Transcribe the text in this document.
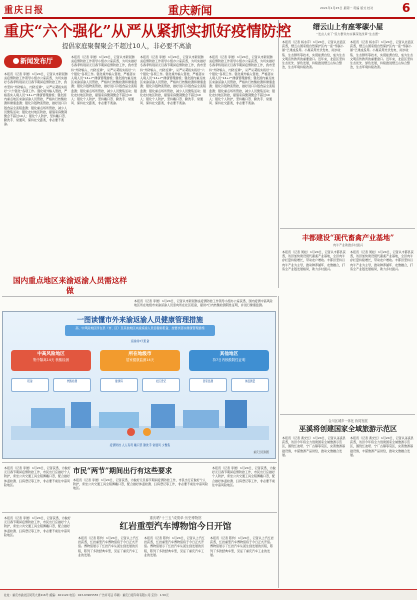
重庆日报	重庆新闻	2021年1月25日 星期一 责编 版式 校对 6
重庆“六个强化”从严从紧抓实抓好疫情防控
提倡家庭聚餐聚会不超过10人，非必要不离渝
新闻发布厅
本报讯（记者 李晟）1月24日，记者从市新冠肺炎疫情防控工作领导小组办公室获悉，为切实做好冬春季特别是元旦春节期间疫情防控工作，我市坚持“外防输入、内防反弹”，从严从紧抓实抓好“六个强化”各项工作。强化境外输入管控，严格落实入境人员“14+7”健康管理措施；强化国内重点地区来渝返渝人员管控，严格执行核酸检测和健康监测；强化冷链物流管控，做好进口冷链食品全流程监测；强化重点场所管控，减少人员聚集活动；强化农村地区防控，提倡家庭聚餐聚会不超过10人；强化个人防护，坚持戴口罩、勤洗手、常通风、保持社交距离，非必要不离渝。
本报讯（记者 李晟）1月24日，记者从市新冠肺炎疫情防控工作领导小组办公室获悉，为切实做好冬春季特别是元旦春节期间疫情防控工作，我市坚持“外防输入、内防反弹”，从严从紧抓实抓好“六个强化”各项工作。强化境外输入管控，严格落实入境人员“14+7”健康管理措施；强化国内重点地区来渝返渝人员管控，严格执行核酸检测和健康监测；强化冷链物流管控，做好进口冷链食品全流程监测；强化重点场所管控，减少人员聚集活动；强化农村地区防控，提倡家庭聚餐聚会不超过10人；强化个人防护，坚持戴口罩、勤洗手、常通风、保持社交距离，非必要不离渝。
本报讯（记者 李晟）1月24日，记者从市新冠肺炎疫情防控工作领导小组办公室获悉，为切实做好冬春季特别是元旦春节期间疫情防控工作，我市坚持“外防输入、内防反弹”，从严从紧抓实抓好“六个强化”各项工作。强化境外输入管控，严格落实入境人员“14+7”健康管理措施；强化国内重点地区来渝返渝人员管控，严格执行核酸检测和健康监测；强化冷链物流管控，做好进口冷链食品全流程监测；强化重点场所管控，减少人员聚集活动；强化农村地区防控，提倡家庭聚餐聚会不超过10人；强化个人防护，坚持戴口罩、勤洗手、常通风、保持社交距离，非必要不离渝。
本报讯（记者 李晟）1月24日，记者从市新冠肺炎疫情防控工作领导小组办公室获悉，为切实做好冬春季特别是元旦春节期间疫情防控工作，我市坚持“外防输入、内防反弹”，从严从紧抓实抓好“六个强化”各项工作。强化境外输入管控，严格落实入境人员“14+7”健康管理措施；强化国内重点地区来渝返渝人员管控，严格执行核酸检测和健康监测；强化冷链物流管控，做好进口冷链食品全流程监测；强化重点场所管控，减少人员聚集活动；强化农村地区防控，提倡家庭聚餐聚会不超过10人；强化个人防护，坚持戴口罩、勤洗手、常通风、保持社交距离，非必要不离渝。
本报讯（记者 李晟）1月24日，记者从市新冠肺炎疫情防控工作领导小组办公室获悉，国内疫情中高风险地区所在地级市来渝返渝人员需向所在社区报备，提供7日内核酸检测阴性证明，并进行健康监测。
一图读懂市外来渝返渝人员健康管理措施
高、中风险地区所在县（市、区）及其他地区来渝返渝人员需提前报备，按要求落实健康管理措施
返渝前3天报备
中高风险地区
集中隔离14天 核酸检测
所在地级市
居家健康监测14天
其他地区
持7日内核酸阴性证明
报备	核酸检测	健康码	社区登记	居家监测	体温测量
疫情防控 人人有责 戴口罩 勤洗手 常通风 少聚集
重庆日报制图
国内重点地区来渝返渝人员需这样做
本报讯（记者 李晟）1月24日，记者获悉，为做好元旦春节期间疫情防控工作，市民出行应做好个人防护，乘坐公共交通工具全程佩戴口罩，配合做好体温检测、扫码登记等工作，非必要不前往中高风险地区。
市民“两节”期间出行有这些要求
本报讯（记者 李晟）1月24日，记者获悉，为做好元旦春节期间疫情防控工作，市民出行应做好个人防护，乘坐公共交通工具全程佩戴口罩，配合做好体温检测、扫码登记等工作，非必要不前往中高风险地区。
本报讯（记者 李晟）1月24日，记者获悉，为做好元旦春节期间疫情防控工作，市民出行应做好个人防护，乘坐公共交通工具全程佩戴口罩，配合做好体温检测、扫码登记等工作，非必要不前往中高风险地区。
本报讯（记者 李晟）1月24日，记者获悉，为做好元旦春节期间疫情防控工作，市民出行应做好个人防护，乘坐公共交通工具全程佩戴口罩，配合做好体温检测、扫码登记等工作，非必要不前往中高风险地区。
重庆晒“十三五”成绩单·历史博物馆
红岩重型汽车博物馆今日开馆
本报讯（记者 陈钧）1月24日，记者从上汽红岩获悉，红岩重型汽车博物馆将于今日正式开馆。博物馆展示了红岩汽车从诞生到发展的历程，陈列了多款经典车型，见证了重庆汽车工业的发展。
本报讯（记者 陈钧）1月24日，记者从上汽红岩获悉，红岩重型汽车博物馆将于今日正式开馆。博物馆展示了红岩汽车从诞生到发展的历程，陈列了多款经典车型，见证了重庆汽车工业的发展。
本报讯（记者 陈钧）1月24日，记者从上汽红岩获悉，红岩重型汽车博物馆将于今日正式开馆。博物馆展示了红岩汽车从诞生到发展的历程，陈列了多款经典车型，见证了重庆汽车工业的发展。
缙云山上有座零碳小屋
“发言人来了”民力群众办实事深化改革“生态惠”
本报讯（记者 杨永芹）1月24日，记者从北碚区获悉，缙云山国家级自然保护区内一座“零碳小屋”已建成投用。小屋采用光伏发电、雨水收集、生态厕所等技术，实现能源自给，成为生态文明宣传教育的重要窗口。近年来，北碚区坚持生态优先、绿色发展，持续推进缙云山综合整治，生态环境持续改善。
本报讯（记者 杨永芹）1月24日，记者从北碚区获悉，缙云山国家级自然保护区内一座“零碳小屋”已建成投用。小屋采用光伏发电、雨水收集、生态厕所等技术，实现能源自给，成为生态文明宣传教育的重要窗口。近年来，北碚区坚持生态优先、绿色发展，持续推进缙云山综合整治，生态环境持续改善。
丰都建设“现代畜禽产业基地”
肉牛产业助推乡村振兴
本报讯（记者 周松）1月24日，记者从丰都县获悉，该县加快建设现代畜禽产业基地，全县肉牛存栏量持续增长，带动农户增收。丰都县坚持以肉牛产业为主导，推动种养循环、农旅融合，打造全产业链发展格局，助力乡村振兴。
本报讯（记者 周松）1月24日，记者从丰都县获悉，该县加快建设现代畜禽产业基地，全县肉牛存栏量持续增长，带动农户增收。丰都县坚持以肉牛产业为主导，推动种养循环、农旅融合，打造全产业链发展格局，助力乡村振兴。
合川区城乡一体化 协同发展
巫溪将创建国家全域旅游示范区
本报讯（记者 黄光红）1月24日，记者从巫溪县获悉，该县今年将全力创建国家全域旅游示范区，围绕红池坝、宁厂古镇等景区，完善旅游基础设施，丰富旅游产品供给，推动文旅融合发展。
本报讯（记者 黄光红）1月24日，记者从巫溪县获悉，该县今年将全力创建国家全域旅游示范区，围绕红池坝、宁厂古镇等景区，完善旅游基础设施，丰富旅游产品供给，推动文旅融合发展。
社址：重庆市渝北区同茂大道416号 邮编：401120 电话：023-63905555 广告许可证 印刷：重庆日报印务有限公司 定价：1.50元
